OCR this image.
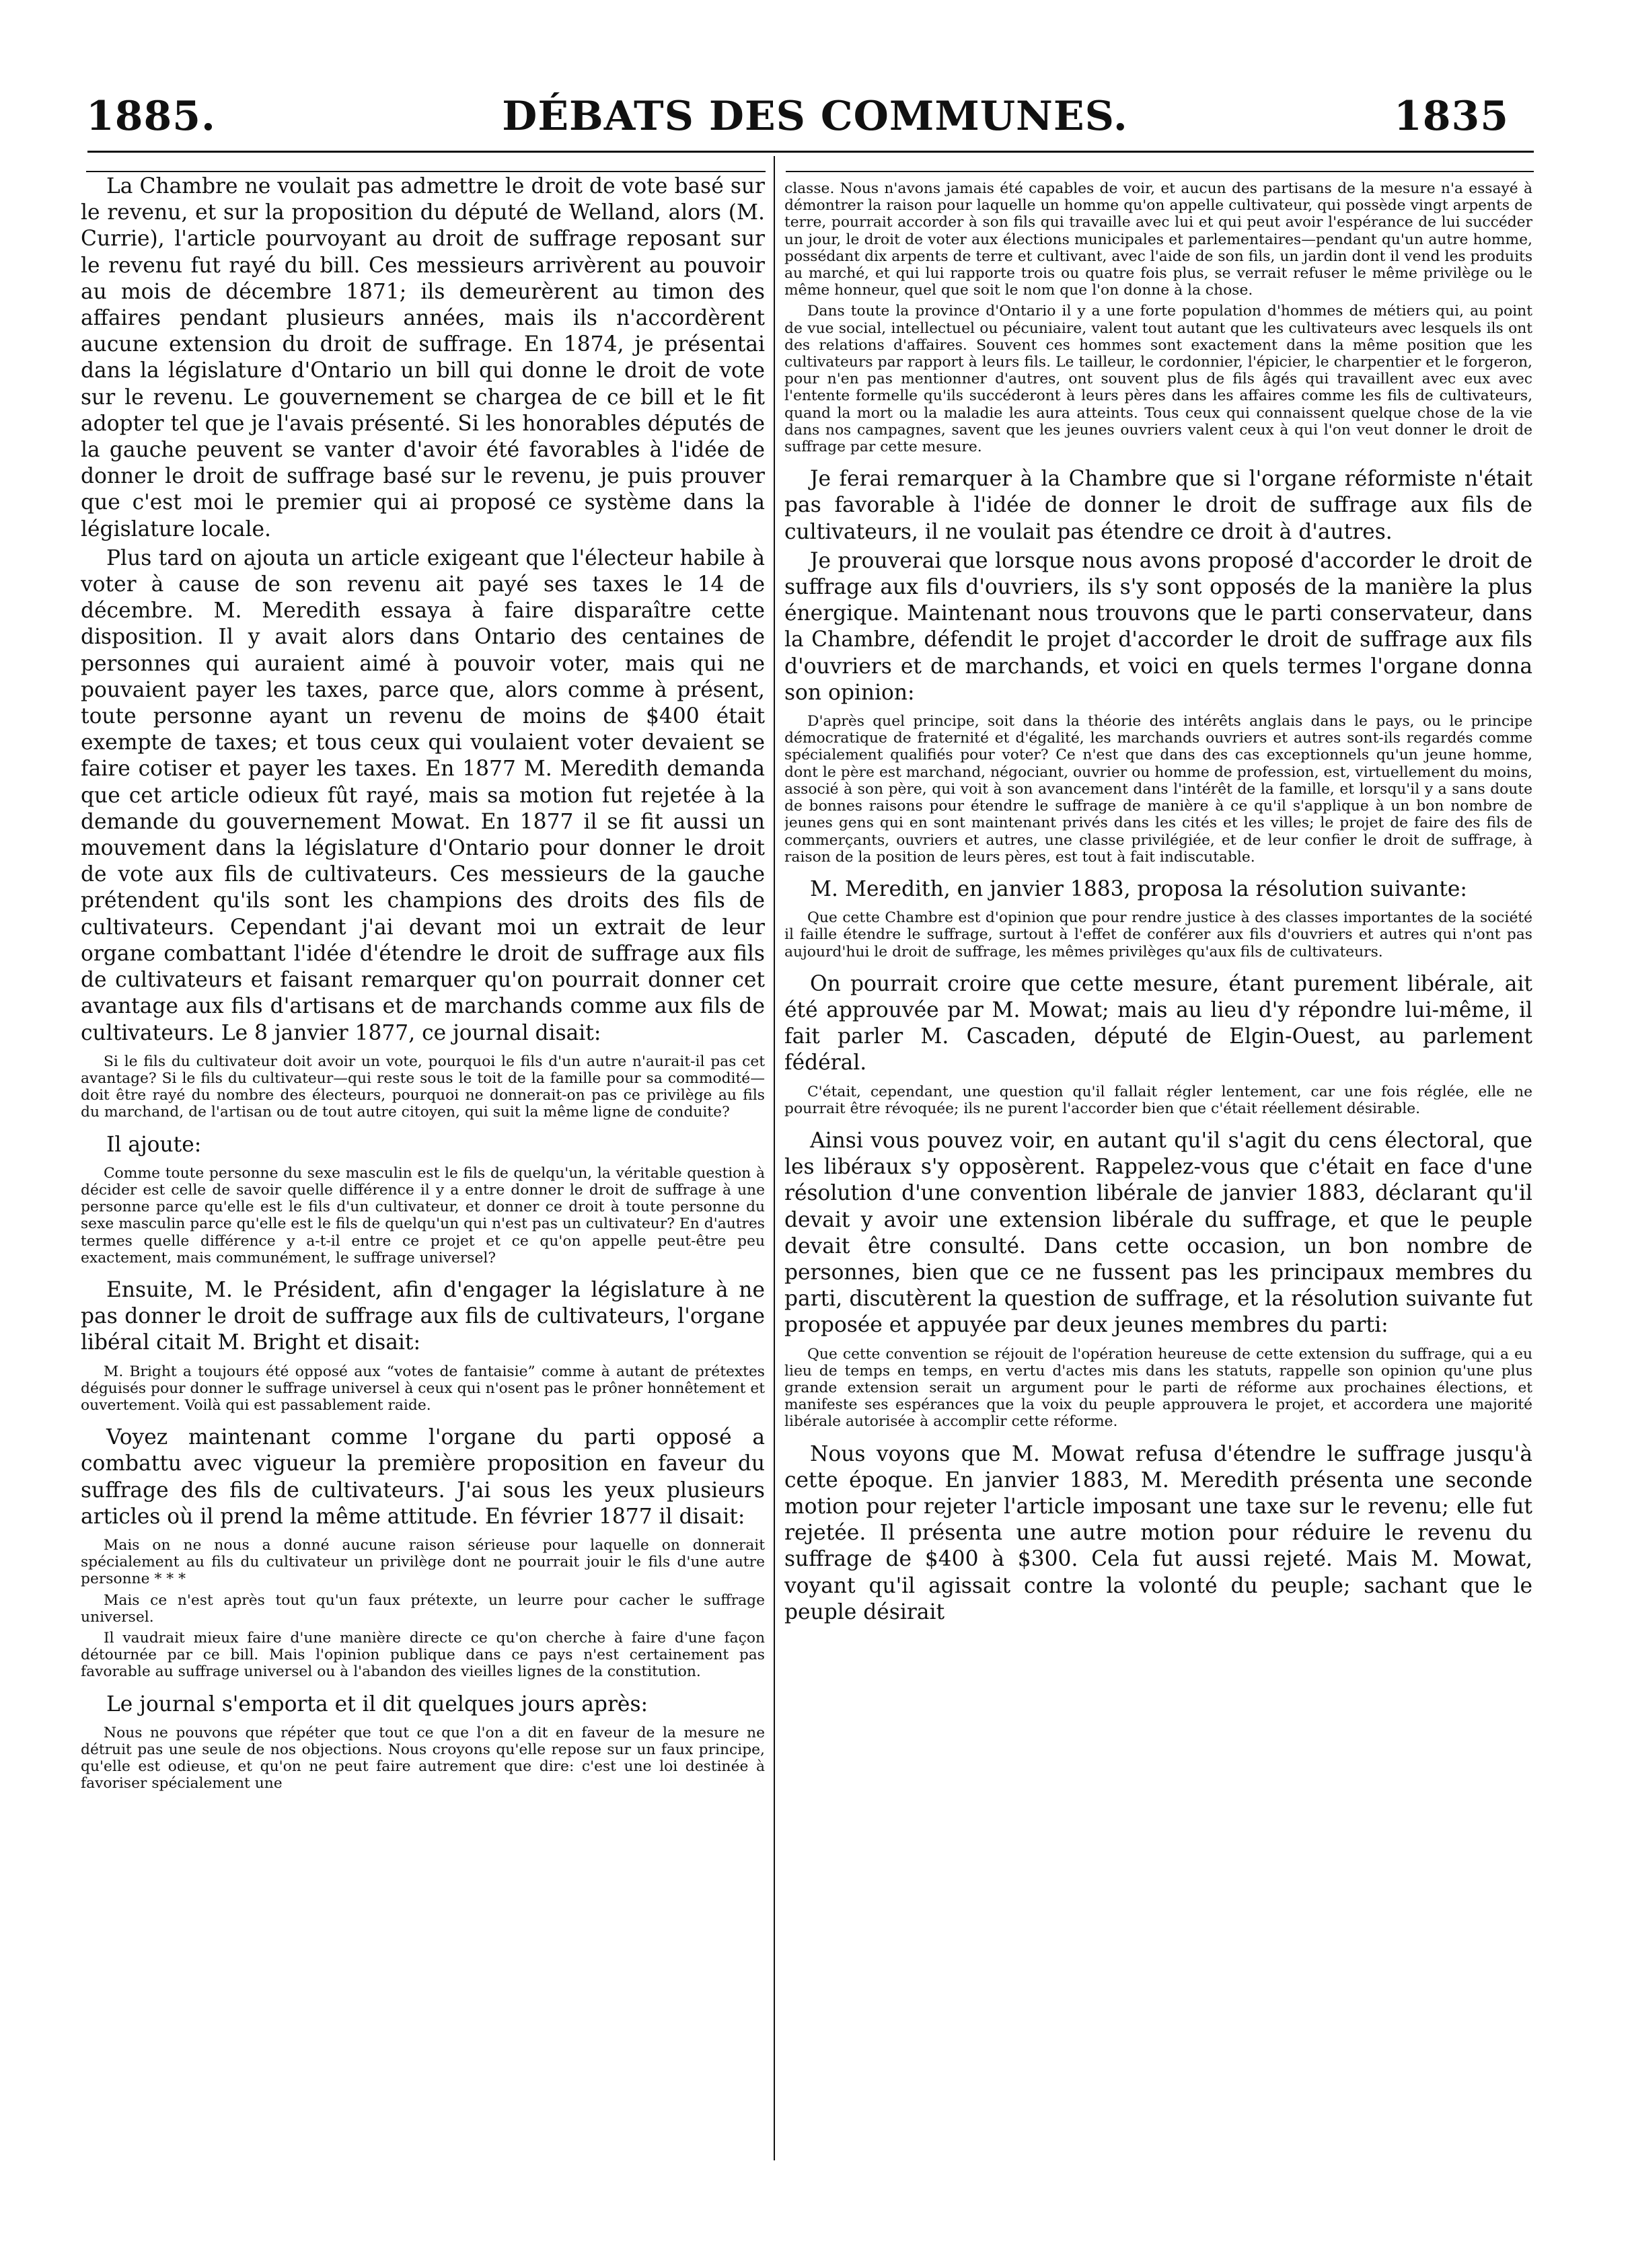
DÉBATS DES COMMUNES.
1885.	1835

La Chambre ne voulait pas admettre le droit de vote basé sur le revenu, et sur la proposition du député de Welland, alors (M. Currie), l'article pourvoyant au droit de suffrage reposant sur le revenu fut rayé du bill. Ces messieurs arrivèrent au pouvoir au mois de décembre 1871; ils demeurèrent au timon des affaires pendant plusieurs années, mais ils n'accordèrent aucune extension du droit de suffrage. En 1874, je présentai dans la législature d'Ontario un bill qui donne le droit de vote sur le revenu. Le gouvernement se chargea de ce bill et le fit adopter tel que je l'avais présenté. Si les honorables députés de la gauche peuvent se vanter d'avoir été favorables à l'idée de donner le droit de suffrage basé sur le revenu, je puis prouver que c'est moi le premier qui ai proposé ce système dans la législature locale.

Plus tard on ajouta un article exigeant que l'électeur habile à voter à cause de son revenu ait payé ses taxes le 14 de décembre. M. Meredith essaya à faire disparaître cette disposition. Il y avait alors dans Ontario des centaines de personnes qui auraient aimé à pouvoir voter, mais qui ne pouvaient payer les taxes, parce que, alors comme à présent, toute personne ayant un revenu de moins de $400 était exempte de taxes; et tous ceux qui voulaient voter devaient se faire cotiser et payer les taxes. En 1877 M. Meredith demanda que cet article odieux fût rayé, mais sa motion fut rejetée à la demande du gouvernement Mowat. En 1877 il se fit aussi un mouvement dans la législature d'Ontario pour donner le droit de vote aux fils de cultivateurs. Ces messieurs de la gauche prétendent qu'ils sont les champions des droits des fils de cultivateurs. Cependant j'ai devant moi un extrait de leur organe combattant l'idée d'étendre le droit de suffrage aux fils de cultivateurs et faisant remarquer qu'on pourrait donner cet avantage aux fils d'artisans et de marchands comme aux fils de cultivateurs. Le 8 janvier 1877, ce journal disait:

Si le fils du cultivateur doit avoir un vote, pourquoi le fils d'un autre n'aurait-il pas cet avantage? Si le fils du cultivateur—qui reste sous le toit de la famille pour sa commodité—doit être rayé du nombre des électeurs, pourquoi ne donnerait-on pas ce privilège au fils du marchand, de l'artisan ou de tout autre citoyen, qui suit la même ligne de conduite?

Il ajoute:

Comme toute personne du sexe masculin est le fils de quelqu'un, la véritable question à décider est celle de savoir quelle différence il y a entre donner le droit de suffrage à une personne parce qu'elle est le fils d'un cultivateur, et donner ce droit à toute personne du sexe masculin parce qu'elle est le fils de quelqu'un qui n'est pas un cultivateur? En d'autres termes quelle différence y a-t-il entre ce projet et ce qu'on appelle peut-être peu exactement, mais communément, le suffrage universel?

Ensuite, M. le Président, afin d'engager la législature à ne pas donner le droit de suffrage aux fils de cultivateurs, l'organe libéral citait M. Bright et disait:

M. Bright a toujours été opposé aux “votes de fantaisie” comme à autant de prétextes déguisés pour donner le suffrage universel à ceux qui n'osent pas le prôner honnêtement et ouvertement. Voilà qui est passablement raide.

Voyez maintenant comme l'organe du parti opposé a combattu avec vigueur la première proposition en faveur du suffrage des fils de cultivateurs. J'ai sous les yeux plusieurs articles où il prend la même attitude. En février 1877 il disait:

Mais on ne nous a donné aucune raison sérieuse pour laquelle on donnerait spécialement au fils du cultivateur un privilège dont ne pourrait jouir le fils d'une autre personne * * *

Mais ce n'est après tout qu'un faux prétexte, un leurre pour cacher le suffrage universel.

Il vaudrait mieux faire d'une manière directe ce qu'on cherche à faire d'une façon détournée par ce bill. Mais l'opinion publique dans ce pays n'est certainement pas favorable au suffrage universel ou à l'abandon des vieilles lignes de la constitution.

Le journal s'emporta et il dit quelques jours après:

Nous ne pouvons que répéter que tout ce que l'on a dit en faveur de la mesure ne détruit pas une seule de nos objections. Nous croyons qu'elle repose sur un faux principe, qu'elle est odieuse, et qu'on ne peut faire autrement que dire: c'est une loi destinée à favoriser spécialement une

classe. Nous n'avons jamais été capables de voir, et aucun des partisans de la mesure n'a essayé à démontrer la raison pour laquelle un homme qu'on appelle cultivateur, qui possède vingt arpents de terre, pourrait accorder à son fils qui travaille avec lui et qui peut avoir l'espérance de lui succéder un jour, le droit de voter aux élections municipales et parlementaires—pendant qu'un autre homme, possédant dix arpents de terre et cultivant, avec l'aide de son fils, un jardin dont il vend les produits au marché, et qui lui rapporte trois ou quatre fois plus, se verrait refuser le même privilège ou le même honneur, quel que soit le nom que l'on donne à la chose.

Dans toute la province d'Ontario il y a une forte population d'hommes de métiers qui, au point de vue social, intellectuel ou pécuniaire, valent tout autant que les cultivateurs avec lesquels ils ont des relations d'affaires. Souvent ces hommes sont exactement dans la même position que les cultivateurs par rapport à leurs fils. Le tailleur, le cordonnier, l'épicier, le charpentier et le forgeron, pour n'en pas mentionner d'autres, ont souvent plus de fils âgés qui travaillent avec eux avec l'entente formelle qu'ils succéderont à leurs pères dans les affaires comme les fils de cultivateurs, quand la mort ou la maladie les aura atteints. Tous ceux qui connaissent quelque chose de la vie dans nos campagnes, savent que les jeunes ouvriers valent ceux à qui l'on veut donner le droit de suffrage par cette mesure.

Je ferai remarquer à la Chambre que si l'organe réformiste n'était pas favorable à l'idée de donner le droit de suffrage aux fils de cultivateurs, il ne voulait pas étendre ce droit à d'autres.

Je prouverai que lorsque nous avons proposé d'accorder le droit de suffrage aux fils d'ouvriers, ils s'y sont opposés de la manière la plus énergique. Maintenant nous trouvons que le parti conservateur, dans la Chambre, défendit le projet d'accorder le droit de suffrage aux fils d'ouvriers et de marchands, et voici en quels termes l'organe donna son opinion:

D'après quel principe, soit dans la théorie des intérêts anglais dans le pays, ou le principe démocratique de fraternité et d'égalité, les marchands ouvriers et autres sont-ils regardés comme spécialement qualifiés pour voter? Ce n'est que dans des cas exceptionnels qu'un jeune homme, dont le père est marchand, négociant, ouvrier ou homme de profession, est, virtuellement du moins, associé à son père, qui voit à son avancement dans l'intérêt de la famille, et lorsqu'il y a sans doute de bonnes raisons pour étendre le suffrage de manière à ce qu'il s'applique à un bon nombre de jeunes gens qui en sont maintenant privés dans les cités et les villes; le projet de faire des fils de commerçants, ouvriers et autres, une classe privilégiée, et de leur confier le droit de suffrage, à raison de la position de leurs pères, est tout à fait indiscutable.

M. Meredith, en janvier 1883, proposa la résolution suivante:

Que cette Chambre est d'opinion que pour rendre justice à des classes importantes de la société il faille étendre le suffrage, surtout à l'effet de conférer aux fils d'ouvriers et autres qui n'ont pas aujourd'hui le droit de suffrage, les mêmes privilèges qu'aux fils de cultivateurs.

On pourrait croire que cette mesure, étant purement libérale, ait été approuvée par M. Mowat; mais au lieu d'y répondre lui-même, il fait parler M. Cascaden, député de Elgin-Ouest, au parlement fédéral.

C'était, cependant, une question qu'il fallait régler lentement, car une fois réglée, elle ne pourrait être révoquée; ils ne purent l'accorder bien que c'était réellement désirable.

Ainsi vous pouvez voir, en autant qu'il s'agit du cens électoral, que les libéraux s'y opposèrent. Rappelez-vous que c'était en face d'une résolution d'une convention libérale de janvier 1883, déclarant qu'il devait y avoir une extension libérale du suffrage, et que le peuple devait être consulté. Dans cette occasion, un bon nombre de personnes, bien que ce ne fussent pas les principaux membres du parti, discutèrent la question de suffrage, et la résolution suivante fut proposée et appuyée par deux jeunes membres du parti:

Que cette convention se réjouit de l'opération heureuse de cette extension du suffrage, qui a eu lieu de temps en temps, en vertu d'actes mis dans les statuts, rappelle son opinion qu'une plus grande extension serait un argument pour le parti de réforme aux prochaines élections, et manifeste ses espérances que la voix du peuple approuvera le projet, et accordera une majorité libérale autorisée à accomplir cette réforme.

Nous voyons que M. Mowat refusa d'étendre le suffrage jusqu'à cette époque. En janvier 1883, M. Meredith présenta une seconde motion pour rejeter l'article imposant une taxe sur le revenu; elle fut rejetée. Il présenta une autre motion pour réduire le revenu du suffrage de $400 à $300. Cela fut aussi rejeté. Mais M. Mowat, voyant qu'il agissait contre la volonté du peuple; sachant que le peuple désirait
